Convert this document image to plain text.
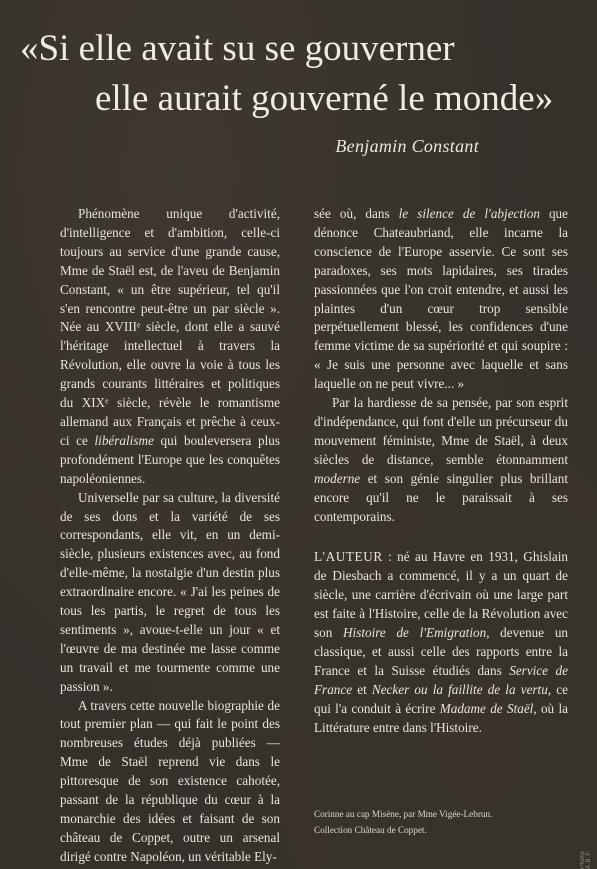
«Si elle avait su se gouverner
elle aurait gouverné le monde»
Benjamin Constant

Phénomène unique d'activité, d'intelligence et d'ambition, celle-ci toujours au service d'une grande cause, Mme de Staël est, de l'aveu de Benjamin Constant, « un être supérieur, tel qu'il s'en rencontre peut-être un par siècle ». Née au XVIIIᵉ siècle, dont elle a sauvé l'héritage intellectuel à travers la Révolution, elle ouvre la voie à tous les grands courants littéraires et politiques du XIXᵉ siècle, révèle le romantisme allemand aux Français et prêche à ceux-ci ce libéralisme qui bouleversera plus profondément l'Europe que les conquêtes napoléoniennes.

Universelle par sa culture, la diversité de ses dons et la variété de ses correspondants, elle vit, en un demi-siècle, plusieurs existences avec, au fond d'elle-même, la nostalgie d'un destin plus extraordinaire encore. « J'ai les peines de tous les partis, le regret de tous les sentiments », avoue-t-elle un jour « et l'œuvre de ma destinée me lasse comme un travail et me tourmente comme une passion ».

A travers cette nouvelle biographie de tout premier plan — qui fait le point des nombreuses études déjà publiées — Mme de Staël reprend vie dans le pittoresque de son existence cahotée, passant de la république du cœur à la monarchie des idées et faisant de son château de Coppet, outre un arsenal dirigé contre Napoléon, un véritable Ely-

sée où, dans le silence de l'abjection que dénonce Chateaubriand, elle incarne la conscience de l'Europe asservie. Ce sont ses paradoxes, ses mots lapidaires, ses tirades passionnées que l'on croit entendre, et aussi les plaintes d'un cœur trop sensible perpétuellement blessé, les confidences d'une femme victime de sa supériorité et qui soupire : « Je suis une personne avec laquelle et sans laquelle on ne peut vivre... »

Par la hardiesse de sa pensée, par son esprit d'indépendance, qui font d'elle un précurseur du mouvement féministe, Mme de Staël, à deux siècles de distance, semble étonnamment moderne et son génie singulier plus brillant encore qu'il ne le paraissait à ses contemporains.

L'AUTEUR : né au Havre en 1931, Ghislain de Diesbach a commencé, il y a un quart de siècle, une carrière d'écrivain où une large part est faite à l'Histoire, celle de la Révolution avec son Histoire de l'Emigration, devenue un classique, et aussi celle des rapports entre la France et la Suisse étudiés dans Service de France et Necker ou la faillite de la vertu, ce qui l'a conduit à écrire Madame de Staël, où la Littérature entre dans l'Histoire.

Corinne au cap Misène, par Mme Vigée-Lebrun.
Collection Château de Coppet.
Photo A.B.F.
